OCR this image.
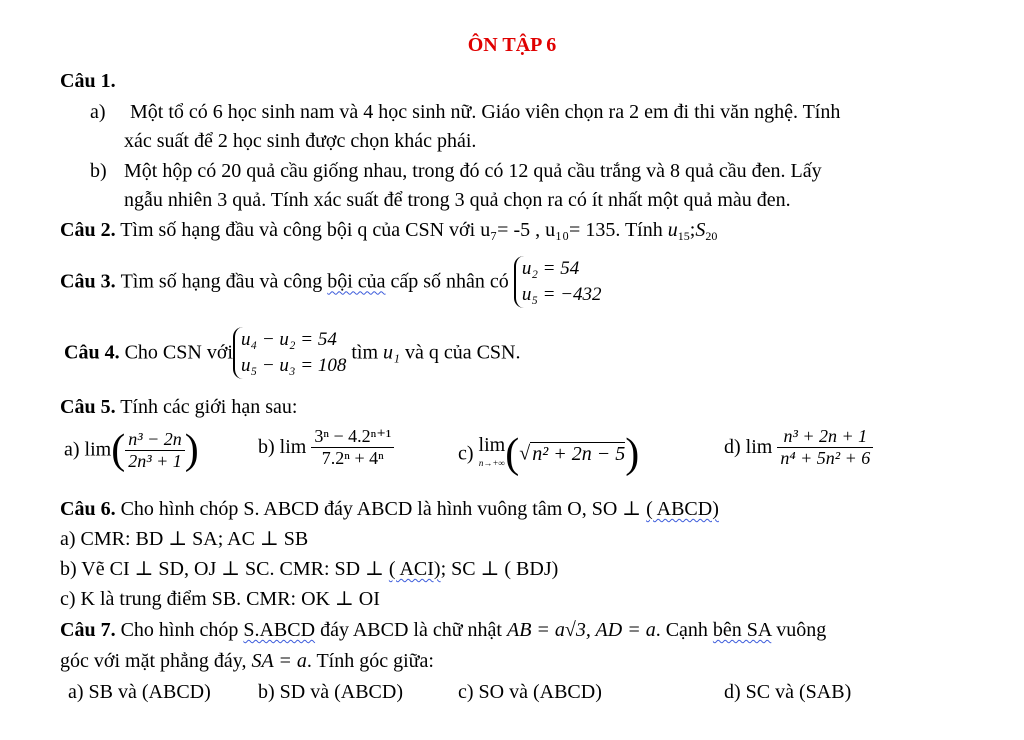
ÔN TẬP 6
Câu 1.
a) Một tổ có 6 học sinh nam và 4 học sinh nữ. Giáo viên chọn ra 2 em đi thi văn nghệ. Tính
xác suất để 2 học sinh được chọn khác phái.
b) Một hộp có 20 quả cầu giống nhau, trong đó có 12 quả cầu trắng và 8 quả cầu đen. Lấy
ngẫu nhiên 3 quả. Tính xác suất để trong 3 quả chọn ra có ít nhất một quả màu đen.
Câu 2. Tìm số hạng đầu và công bội q của CSN với u₇= -5 , u₁₀= 135. Tính $u_{15};S_{20}$
Câu 3. Tìm số hạng đầu và công bội của cấp số nhân có
u₂ = 54
u₅ = −432
Câu 4. Cho CSN với
u₄ − u₂ = 54
u₅ − u₃ = 108
tìm u₁ và q của CSN.
Câu 5. Tính các giới hạn sau:
a) $\lim( \frac{\text{n³ − 2n}}{\text{2n³ + 1}}$ )	b) $\lim \frac{\text{3ⁿ − 4.2ⁿ⁺¹}}{\text{7.2ⁿ + 4ⁿ}}$	c) lim
n→+∞ (√ n² + 2n − 5)	d) $\lim \frac{\text{n³ + 2n + 1}}{\text{n⁴ + 5n² + 6}}$
Câu 6. Cho hình chóp S. ABCD đáy ABCD là hình vuông tâm O, SO ⊥ ( ABCD)
a) CMR: BD ⊥ SA; AC ⊥ SB
b) Vẽ CI ⊥ SD, OJ ⊥ SC. CMR: SD ⊥ ( ACI); SC ⊥ ( BDJ)
c) K là trung điểm SB. CMR: OK ⊥ OI
Câu 7. Cho hình chóp S.ABCD đáy ABCD là chữ nhật AB = a√3, AD = a. Cạnh bên SA vuông
góc với mặt phẳng đáy, SA = a. Tính góc giữa:
a) SB và (ABCD) b) SD và (ABCD)	c) SO và (ABCD)	d) SC và (SAB)
